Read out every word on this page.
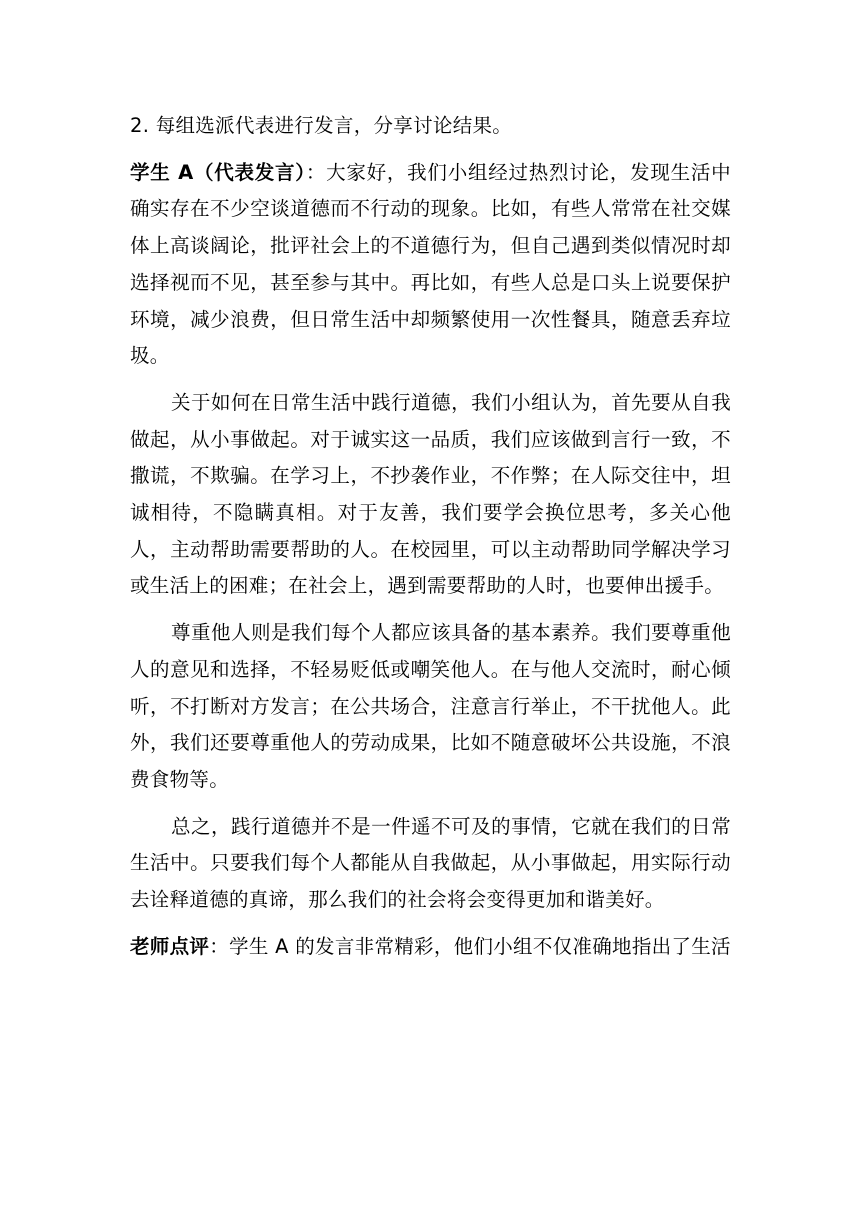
2. 每组选派代表进行发言，分享讨论结果。

学生 A（代表发言）：大家好，我们小组经过热烈讨论，发现生活中确实存在不少空谈道德而不行动的现象。比如，有些人常常在社交媒体上高谈阔论，批评社会上的不道德行为，但自己遇到类似情况时却选择视而不见，甚至参与其中。再比如，有些人总是口头上说要保护环境，减少浪费，但日常生活中却频繁使用一次性餐具，随意丢弃垃圾。

关于如何在日常生活中践行道德，我们小组认为，首先要从自我做起，从小事做起。对于诚实这一品质，我们应该做到言行一致，不撒谎，不欺骗。在学习上，不抄袭作业，不作弊；在人际交往中，坦诚相待，不隐瞒真相。对于友善，我们要学会换位思考，多关心他人，主动帮助需要帮助的人。在校园里，可以主动帮助同学解决学习或生活上的困难；在社会上，遇到需要帮助的人时，也要伸出援手。

尊重他人则是我们每个人都应该具备的基本素养。我们要尊重他人的意见和选择，不轻易贬低或嘲笑他人。在与他人交流时，耐心倾听，不打断对方发言；在公共场合，注意言行举止，不干扰他人。此外，我们还要尊重他人的劳动成果，比如不随意破坏公共设施，不浪费食物等。

总之，践行道德并不是一件遥不可及的事情，它就在我们的日常生活中。只要我们每个人都能从自我做起，从小事做起，用实际行动去诠释道德的真谛，那么我们的社会将会变得更加和谐美好。

老师点评：学生 A 的发言非常精彩，他们小组不仅准确地指出了生活
